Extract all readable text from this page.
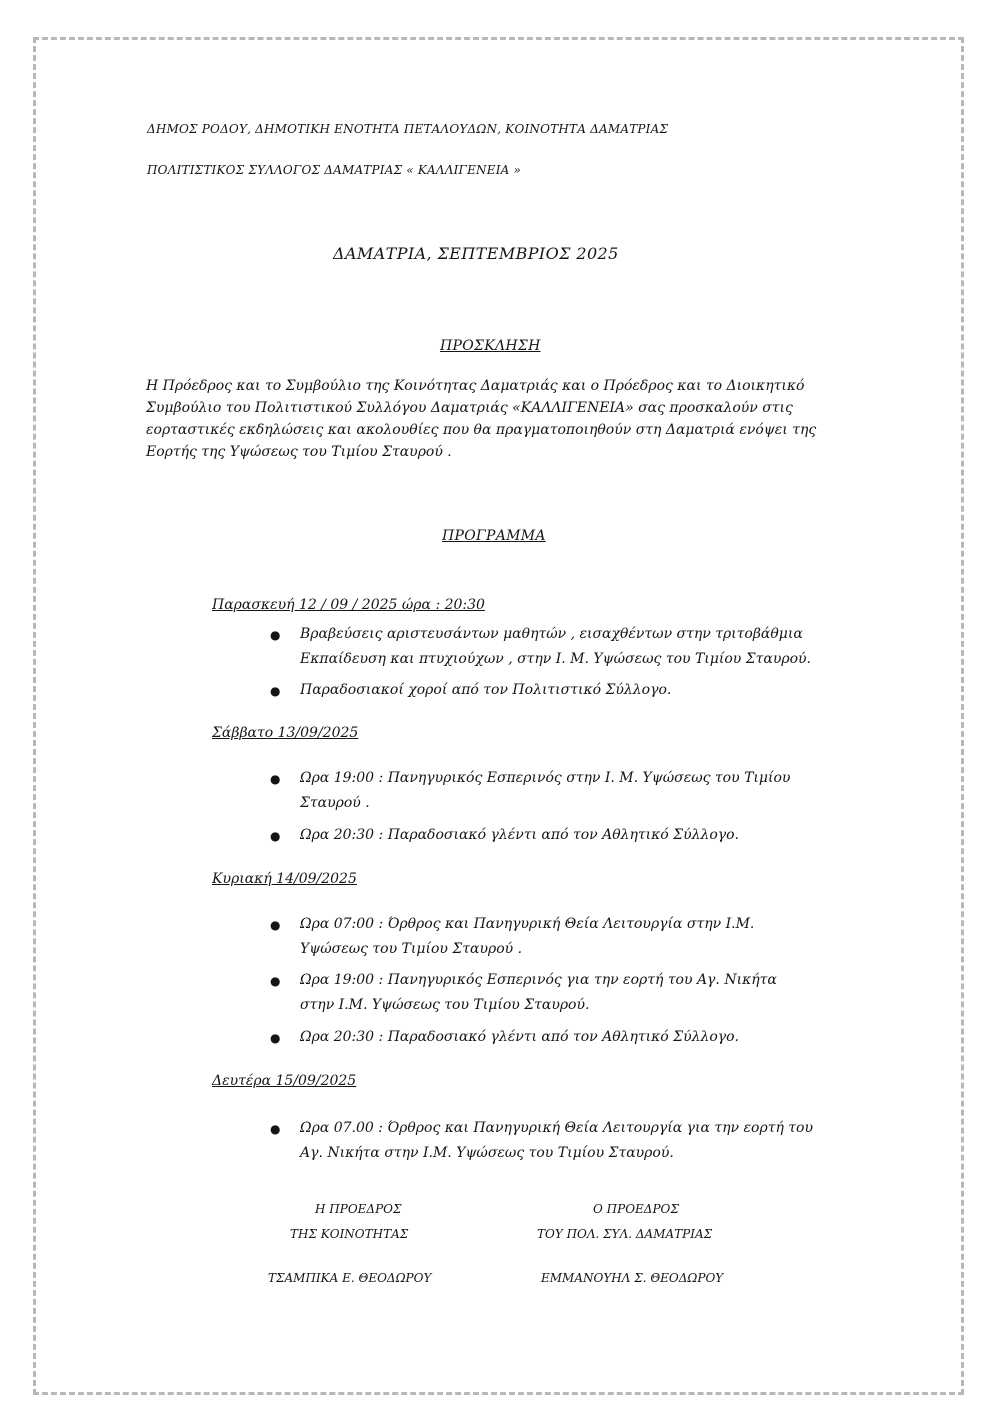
ΔΗΜΟΣ ΡΟΔΟΥ, ΔΗΜΟΤΙΚΗ ΕΝΟΤΗΤΑ ΠΕΤΑΛΟΥΔΩΝ, ΚΟΙΝΟΤΗΤΑ ΔΑΜΑΤΡΙΑΣ
ΠΟΛΙΤΙΣΤΙΚΟΣ ΣΥΛΛΟΓΟΣ ΔΑΜΑΤΡΙΑΣ « ΚΑΛΛΙΓΕΝΕΙΑ »
ΔΑΜΑΤΡΙΑ, ΣΕΠΤΕΜΒΡΙΟΣ 2025
ΠΡΟΣΚΛΗΣΗ

Η Πρόεδρος και το Συμβούλιο της Κοινότητας Δαματριάς και ο Πρόεδρος και το Διοικητικό

Συμβούλιο του Πολιτιστικού Συλλόγου Δαματριάς «ΚΑΛΛΙΓΕΝΕΙΑ» σας προσκαλούν στις

εορταστικές εκδηλώσεις και ακολουθίες που θα πραγματοποιηθούν στη Δαματριά ενόψει της

Εορτής της Υψώσεως του Τιμίου Σταυρού .

ΠΡΟΓΡΑΜΜΑ
Παρασκευή 12 / 09 / 2025 ώρα : 20:30
● Βραβεύσεις αριστευσάντων μαθητών , εισαχθέντων στην τριτοβάθμια
Εκπαίδευση και πτυχιούχων , στην Ι. Μ. Υψώσεως του Τιμίου Σταυρού.
● Παραδοσιακοί χοροί από τον Πολιτιστικό Σύλλογο.
Σάββατο 13/09/2025
● Ωρα 19:00 : Πανηγυρικός Εσπερινός στην Ι. Μ. Υψώσεως του Τιμίου
Σταυρού .
● Ωρα 20:30 : Παραδοσιακό γλέντι από τον Αθλητικό Σύλλογο.
Κυριακή 14/09/2025
● Ωρα 07:00 : Όρθρος και Πανηγυρική Θεία Λειτουργία στην Ι.Μ.
Υψώσεως του Τιμίου Σταυρού .
● Ωρα 19:00 : Πανηγυρικός Εσπερινός για την εορτή του Αγ. Νικήτα
στην Ι.Μ. Υψώσεως του Τιμίου Σταυρού.
● Ωρα 20:30 : Παραδοσιακό γλέντι από τον Αθλητικό Σύλλογο.
Δευτέρα 15/09/2025
● Ωρα 07.00 : Όρθρος και Πανηγυρική Θεία Λειτουργία για την εορτή του
Αγ. Νικήτα στην Ι.Μ. Υψώσεως του Τιμίου Σταυρού.
Η ΠΡΟΕΔΡΟΣ
ΤΗΣ ΚΟΙΝΟΤΗΤΑΣ
ΤΣΑΜΠΙΚΑ Ε. ΘΕΟΔΩΡΟΥ
Ο ΠΡΟΕΔΡΟΣ
ΤΟΥ ΠΟΛ. ΣΥΛ. ΔΑΜΑΤΡΙΑΣ
ΕΜΜΑΝΟΥΗΛ Σ. ΘΕΟΔΩΡΟΥ
